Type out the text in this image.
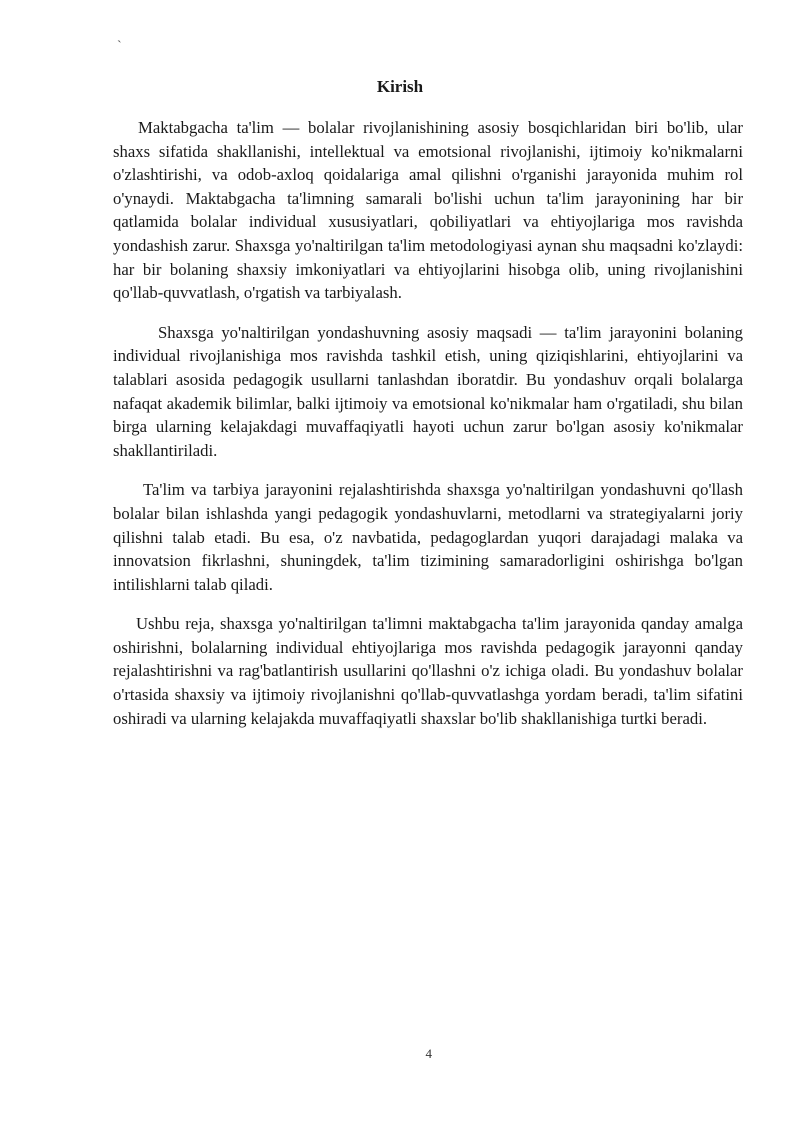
`
Kirish

Maktabgacha ta'lim — bolalar rivojlanishining asosiy bosqichlaridan biri bo'lib, ular shaxs sifatida shakllanishi, intellektual va emotsional rivojlanishi, ijtimoiy ko'nikmalarni o'zlashtirishi, va odob-axloq qoidalariga amal qilishni o'rganishi jarayonida muhim rol o'ynaydi. Maktabgacha ta'limning samarali bo'lishi uchun ta'lim jarayonining har bir qatlamida bolalar individual xususiyatlari, qobiliyatlari va ehtiyojlariga mos ravishda yondashish zarur. Shaxsga yo'naltirilgan ta'lim metodologiyasi aynan shu maqsadni ko'zlaydi: har bir bolaning shaxsiy imkoniyatlari va ehtiyojlarini hisobga olib, uning rivojlanishini qo'llab-quvvatlash, o'rgatish va tarbiyalash.

Shaxsga yo'naltirilgan yondashuvning asosiy maqsadi — ta'lim jarayonini bolaning individual rivojlanishiga mos ravishda tashkil etish, uning qiziqishlarini, ehtiyojlarini va talablari asosida pedagogik usullarni tanlashdan iboratdir. Bu yondashuv orqali bolalarga nafaqat akademik bilimlar, balki ijtimoiy va emotsional ko'nikmalar ham o'rgatiladi, shu bilan birga ularning kelajakdagi muvaffaqiyatli hayoti uchun zarur bo'lgan asosiy ko'nikmalar shakllantiriladi.

Ta'lim va tarbiya jarayonini rejalashtirishda shaxsga yo'naltirilgan yondashuvni qo'llash bolalar bilan ishlashda yangi pedagogik yondashuvlarni, metodlarni va strategiyalarni joriy qilishni talab etadi. Bu esa, o'z navbatida, pedagoglardan yuqori darajadagi malaka va innovatsion fikrlashni, shuningdek, ta'lim tizimining samaradorligini oshirishga bo'lgan intilishlarni talab qiladi.

Ushbu reja, shaxsga yo'naltirilgan ta'limni maktabgacha ta'lim jarayonida qanday amalga oshirishni, bolalarning individual ehtiyojlariga mos ravishda pedagogik jarayonni qanday rejalashtirishni va rag'batlantirish usullarini qo'llashni o'z ichiga oladi. Bu yondashuv bolalar o'rtasida shaxsiy va ijtimoiy rivojlanishni qo'llab-quvvatlashga yordam beradi, ta'lim sifatini oshiradi va ularning kelajakda muvaffaqiyatli shaxslar bo'lib shakllanishiga turtki beradi.

4
